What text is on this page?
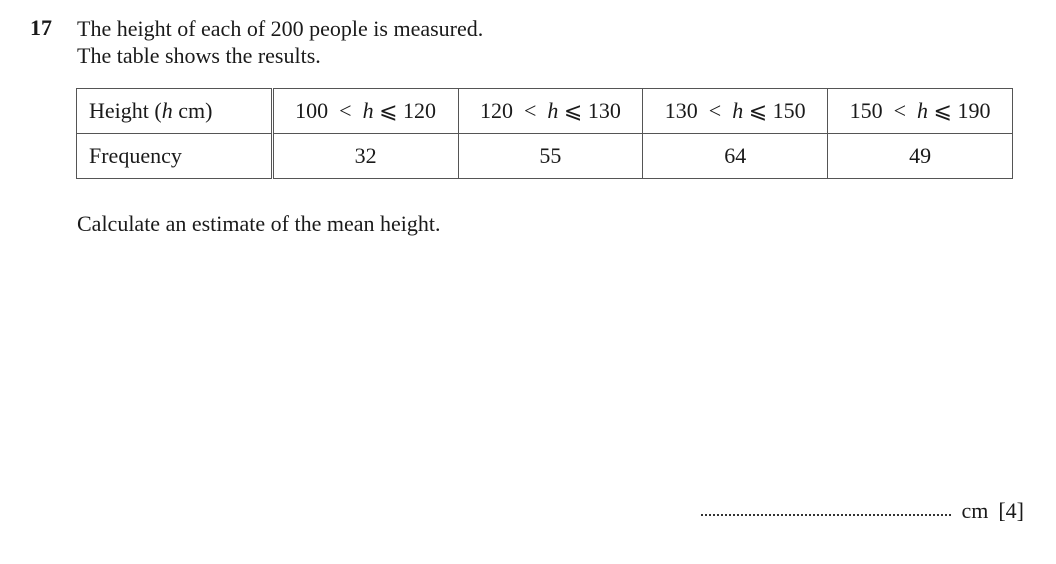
17 The height of each of 200 people is measured.
The table shows the results.
Height (h cm)	100 < h ⩽ 120	120 < h ⩽ 130	130 < h ⩽ 150	150 < h ⩽ 190
Frequency	32	55	64	49
Calculate an estimate of the mean height.
cm [4]
